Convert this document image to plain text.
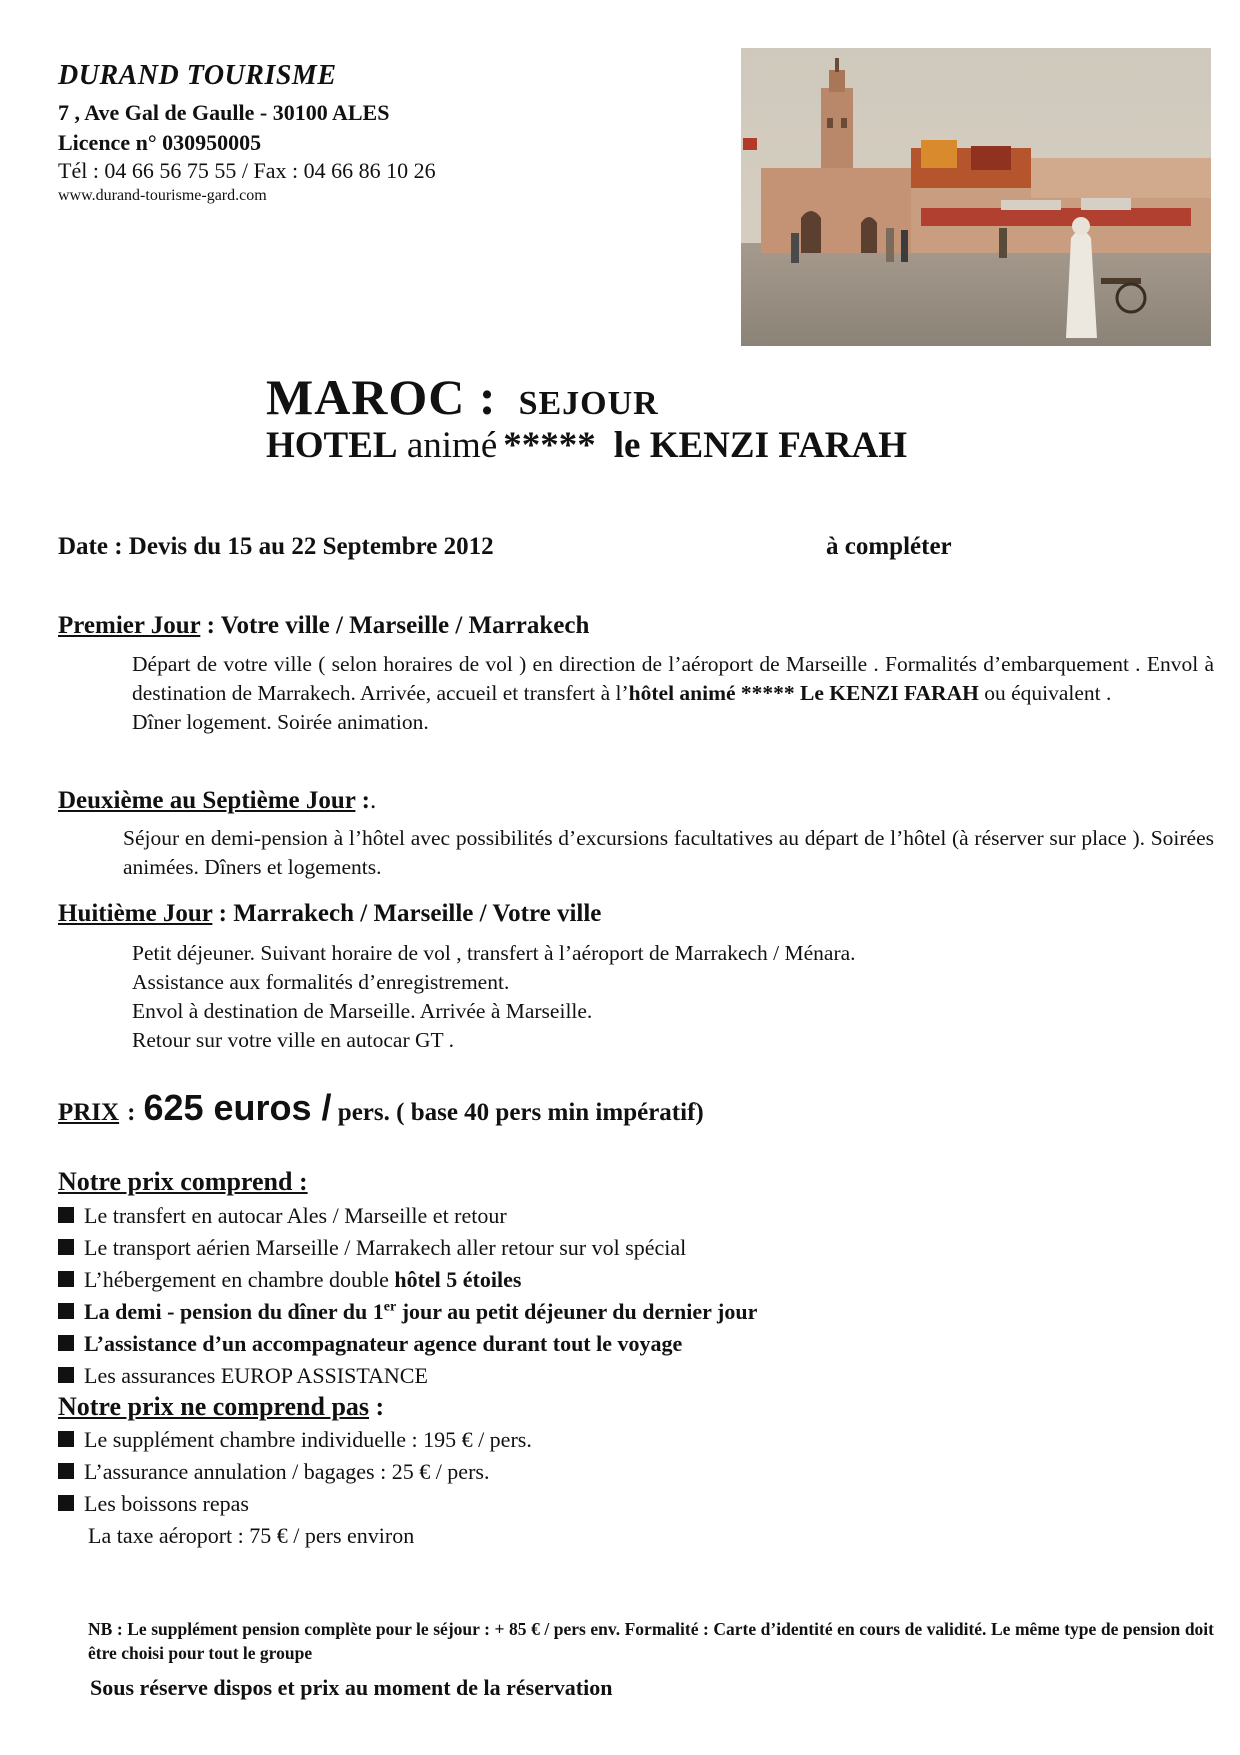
DURAND TOURISME
7 , Ave Gal de Gaulle - 30100 ALES
Licence n° 030950005
Tél : 04 66 56 75 55 / Fax : 04 66 86 10 26
www.durand-tourisme-gard.com
MAROC : SEJOUR
HOTEL animé ***** le KENZI FARAH
Date : Devis du 15 au 22 Septembre 2012	à compléter
Premier Jour : Votre ville / Marseille / Marrakech
Départ de votre ville ( selon horaires de vol ) en direction de l’aéroport de Marseille . Formalités d’embarquement . Envol à destination de Marrakech. Arrivée, accueil et transfert à l’hôtel animé ***** Le KENZI FARAH ou équivalent .
Dîner logement. Soirée animation.
Deuxième au Septième Jour :.
Séjour en demi-pension à l’hôtel avec possibilités d’excursions facultatives au départ de l’hôtel (à réserver sur place ). Soirées animées. Dîners et logements.
Huitième Jour : Marrakech / Marseille / Votre ville
Petit déjeuner. Suivant horaire de vol , transfert à l’aéroport de Marrakech / Ménara.
Assistance aux formalités d’enregistrement.
Envol à destination de Marseille. Arrivée à Marseille.
Retour sur votre ville en autocar GT .
PRIX : 625 euros / pers. ( base 40 pers min impératif)
Notre prix comprend :
Le transfert en autocar Ales / Marseille et retour
Le transport aérien Marseille / Marrakech aller retour sur vol spécial
L’hébergement en chambre double hôtel 5 étoiles
La demi - pension du dîner du 1er jour au petit déjeuner du dernier jour
L’assistance d’un accompagnateur agence durant tout le voyage
Les assurances EUROP ASSISTANCE
Notre prix ne comprend pas :
Le supplément chambre individuelle : 195 € / pers.
L’assurance annulation / bagages : 25 € / pers.
Les boissons repas
La taxe aéroport : 75 € / pers environ
NB : Le supplément pension complète pour le séjour : + 85 € / pers env. Formalité : Carte d’identité en cours de validité. Le même type de pension doit être choisi pour tout le groupe
Sous réserve dispos et prix au moment de la réservation
